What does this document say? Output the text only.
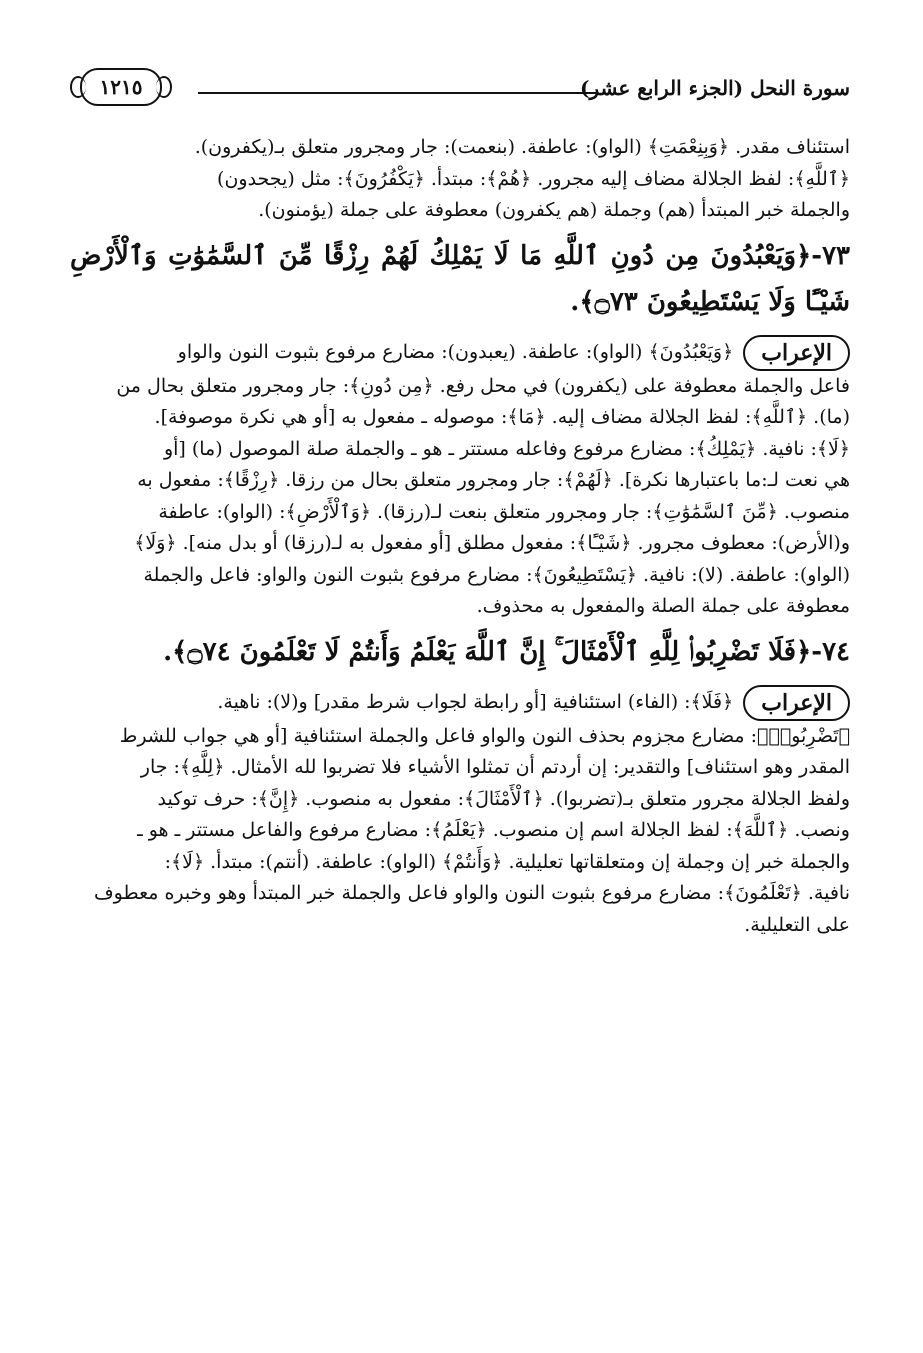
١٢١٥	سورة النحل (الجزء الرابع عشر)

استئناف مقدر. ﴿وَبِنِعْمَتِ﴾ (الواو): عاطفة. (بنعمت): جار ومجرور متعلق بـ(يكفرون).

﴿ٱللَّهِ﴾: لفظ الجلالة مضاف إليه مجرور. ﴿هُمْ﴾: مبتدأ. ﴿يَكْفُرُونَ﴾: مثل (يجحدون)

والجملة خبر المبتدأ (هم) وجملة (هم يكفرون) معطوفة على جملة (يؤمنون).

٧٣-﴿وَيَعْبُدُونَ مِن دُونِ ٱللَّهِ مَا لَا يَمْلِكُ لَهُمْ رِزْقًا مِّنَ ٱلسَّمَٰوَٰتِ وَٱلْأَرْضِ شَيْـًٔا وَلَا يَسْتَطِيعُونَ ۝٧٣﴾.

الإعراب﴿وَيَعْبُدُونَ﴾ (الواو): عاطفة. (يعبدون): مضارع مرفوع بثبوت النون والواو

فاعل والجملة معطوفة على (يكفرون) في محل رفع. ﴿مِن دُونِ﴾: جار ومجرور متعلق بحال من

(ما). ﴿ٱللَّهِ﴾: لفظ الجلالة مضاف إليه. ﴿مَا﴾: موصوله ـ مفعول به [أو هي نكرة موصوفة].

﴿لَا﴾: نافية. ﴿يَمْلِكُ﴾: مضارع مرفوع وفاعله مستتر ـ هو ـ والجملة صلة الموصول (ما) [أو

هي نعت لـ:ما باعتبارها نكرة]. ﴿لَهُمْ﴾: جار ومجرور متعلق بحال من رزقا. ﴿رِزْقًا﴾: مفعول به

منصوب. ﴿مِّنَ ٱلسَّمَٰوَٰتِ﴾: جار ومجرور متعلق بنعت لـ(رزقا). ﴿وَٱلْأَرْضِ﴾: (الواو): عاطفة

و(الأرض): معطوف مجرور. ﴿شَيْـًٔا﴾: مفعول مطلق [أو مفعول به لـ(رزقا) أو بدل منه]. ﴿وَلَا﴾

(الواو): عاطفة. (لا): نافية. ﴿يَسْتَطِيعُونَ﴾: مضارع مرفوع بثبوت النون والواو: فاعل والجملة

معطوفة على جملة الصلة والمفعول به محذوف.

٧٤-﴿فَلَا تَضْرِبُوا۟ لِلَّهِ ٱلْأَمْثَالَ ۚ إِنَّ ٱللَّهَ يَعْلَمُ وَأَنتُمْ لَا تَعْلَمُونَ ۝٧٤﴾.

الإعراب﴿فَلَا﴾: (الفاء) استئنافية [أو رابطة لجواب شرط مقدر] و(لا): ناهية.

﴿تَضْرِبُوا۟﴾: مضارع مجزوم بحذف النون والواو فاعل والجملة استئنافية [أو هي جواب للشرط

المقدر وهو استئناف] والتقدير: إن أردتم أن تمثلوا الأشياء فلا تضربوا لله الأمثال. ﴿لِلَّهِ﴾: جار

ولفظ الجلالة مجرور متعلق بـ(تضربوا). ﴿ٱلْأَمْثَالَ﴾: مفعول به منصوب. ﴿إِنَّ﴾: حرف توكيد

ونصب. ﴿ٱللَّهَ﴾: لفظ الجلالة اسم إن منصوب. ﴿يَعْلَمُ﴾: مضارع مرفوع والفاعل مستتر ـ هو ـ

والجملة خبر إن وجملة إن ومتعلقاتها تعليلية. ﴿وَأَنتُمْ﴾ (الواو): عاطفة. (أنتم): مبتدأ. ﴿لَا﴾:

نافية. ﴿تَعْلَمُونَ﴾: مضارع مرفوع بثبوت النون والواو فاعل والجملة خبر المبتدأ وهو وخبره معطوف

على التعليلية.
